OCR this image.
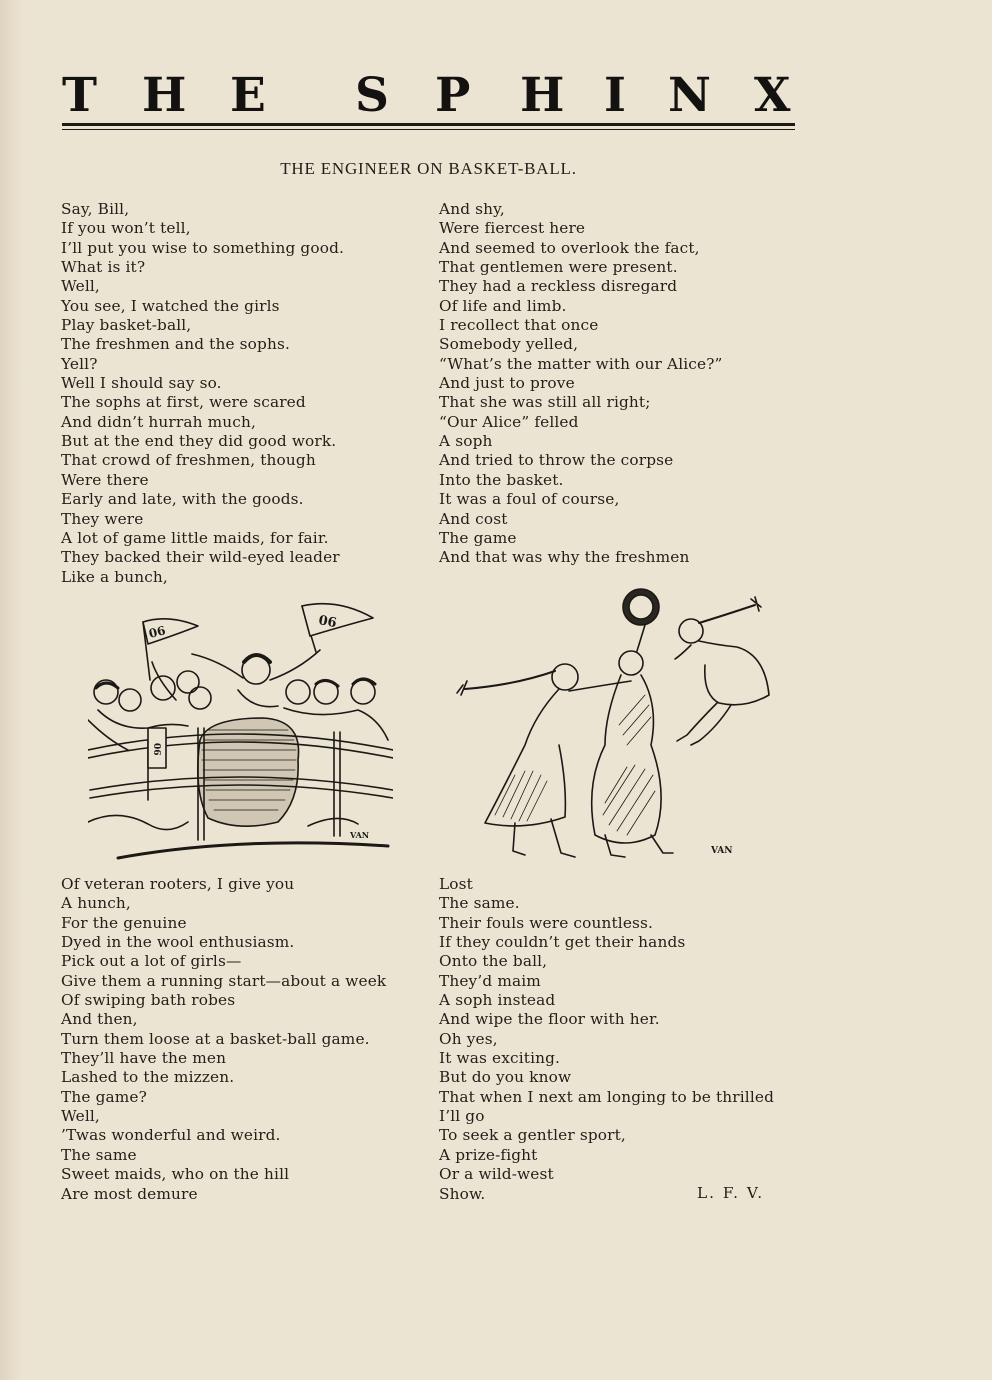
T H E S P H I N X
THE ENGINEER ON BASKET-BALL.
Say, Bill,
If you won’t tell,
I’ll put you wise to something good.
What is it?
Well,
You see, I watched the girls
Play basket-ball,
The freshmen and the sophs.
Yell?
Well I should say so.
The sophs at first, were scared
And didn’t hurrah much,
But at the end they did good work.
That crowd of freshmen, though
Were there
Early and late, with the goods.
They were
A lot of game little maids, for fair.
They backed their wild-eyed leader
Like a bunch,
And shy,
Were fiercest here
And seemed to overlook the fact,
That gentlemen were present.
They had a reckless disregard
Of life and limb.
I recollect that once
Somebody yelled,
“What’s the matter with our Alice?”
And just to prove
That she was still all right;
“Our Alice” felled
A soph
And tried to throw the corpse
Into the basket.
It was a foul of course,
And cost
The game
And that was why the freshmen
Of veteran rooters, I give you
A hunch,
For the genuine
Dyed in the wool enthusiasm.
Pick out a lot of girls—
Give them a running start—about a week
Of swiping bath robes
And then,
Turn them loose at a basket-ball game.
They’ll have the men
Lashed to the mizzen.
The game?
Well,
’Twas wonderful and weird.
The same
Sweet maids, who on the hill
Are most demure
Lost
The same.
Their fouls were countless.
If they couldn’t get their hands
Onto the ball,
They’d maim
A soph instead
And wipe the floor with her.
Oh yes,
It was exciting.
But do you know
That when I next am longing to be thrilled
I’ll go
To seek a gentler sport,
A prize-fight
Or a wild-west
Show.	L. F. V.
06
06
06
VAN
VAN
